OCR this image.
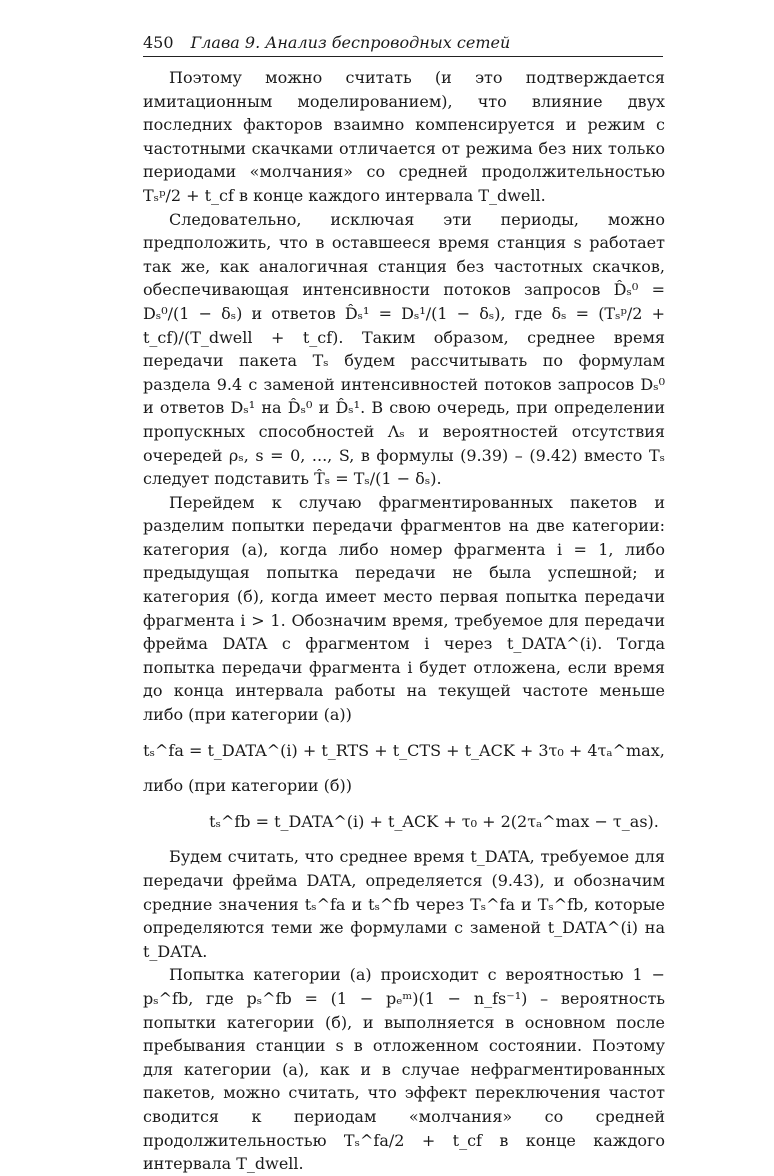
450 Глава 9. Анализ беспроводных сетей

Поэтому можно считать (и это подтверждается имитационным моделированием), что влияние двух последних факторов взаимно компенсируется и режим с частотными скачками отличается от режима без них только периодами «молчания» со средней продолжительностью Tₛᵖ/2 + t_cf в конце каждого интервала T_dwell.

Следовательно, исключая эти периоды, можно предположить, что в оставшееся время станция s работает так же, как аналогичная станция без частотных скачков, обеспечивающая интенсивности потоков запросов D̂ₛ⁰ = Dₛ⁰/(1 − δₛ) и ответов D̂ₛ¹ = Dₛ¹/(1 − δₛ), где δₛ = (Tₛᵖ/2 + t_cf)/(T_dwell + t_cf). Таким образом, среднее время передачи пакета Tₛ будем рассчитывать по формулам раздела 9.4 с заменой интенсивностей потоков запросов Dₛ⁰ и ответов Dₛ¹ на D̂ₛ⁰ и D̂ₛ¹. В свою очередь, при определении пропускных способностей Λₛ и вероятностей отсутствия очередей ρₛ, s = 0, ..., S, в формулы (9.39) – (9.42) вместо Tₛ следует подставить T̂ₛ = Tₛ/(1 − δₛ).

Перейдем к случаю фрагментированных пакетов и разделим попытки передачи фрагментов на две категории: категория (а), когда либо номер фрагмента i = 1, либо предыдущая попытка передачи не была успешной; и категория (б), когда имеет место первая попытка передачи фрагмента i > 1. Обозначим время, требуемое для передачи фрейма DATA с фрагментом i через t_DATA^(i). Тогда попытка передачи фрагмента i будет отложена, если время до конца интервала работы на текущей частоте меньше либо (при категории (а))

tₛ^fa = t_DATA^(i) + t_RTS + t_CTS + t_ACK + 3τ₀ + 4τₐ^max,

либо (при категории (б))

tₛ^fb = t_DATA^(i) + t_ACK + τ₀ + 2(2τₐ^max − τ_as).

Будем считать, что среднее время t_DATA, требуемое для передачи фрейма DATA, определяется (9.43), и обозначим средние значения tₛ^fa и tₛ^fb через Tₛ^fa и Tₛ^fb, которые определяются теми же формулами с заменой t_DATA^(i) на t_DATA.

Попытка категории (а) происходит с вероятностью 1 − pₛ^fb, где pₛ^fb = (1 − pₑᵐ)(1 − n_fs⁻¹) – вероятность попытки категории (б), и выполняется в основном после пребывания станции s в отложенном состоянии. Поэтому для категории (а), как и в случае нефрагментированных пакетов, можно считать, что эффект переключения частот сводится к периодам «молчания» со средней продолжительностью Tₛ^fa/2 + t_cf в конце каждого интервала T_dwell.
